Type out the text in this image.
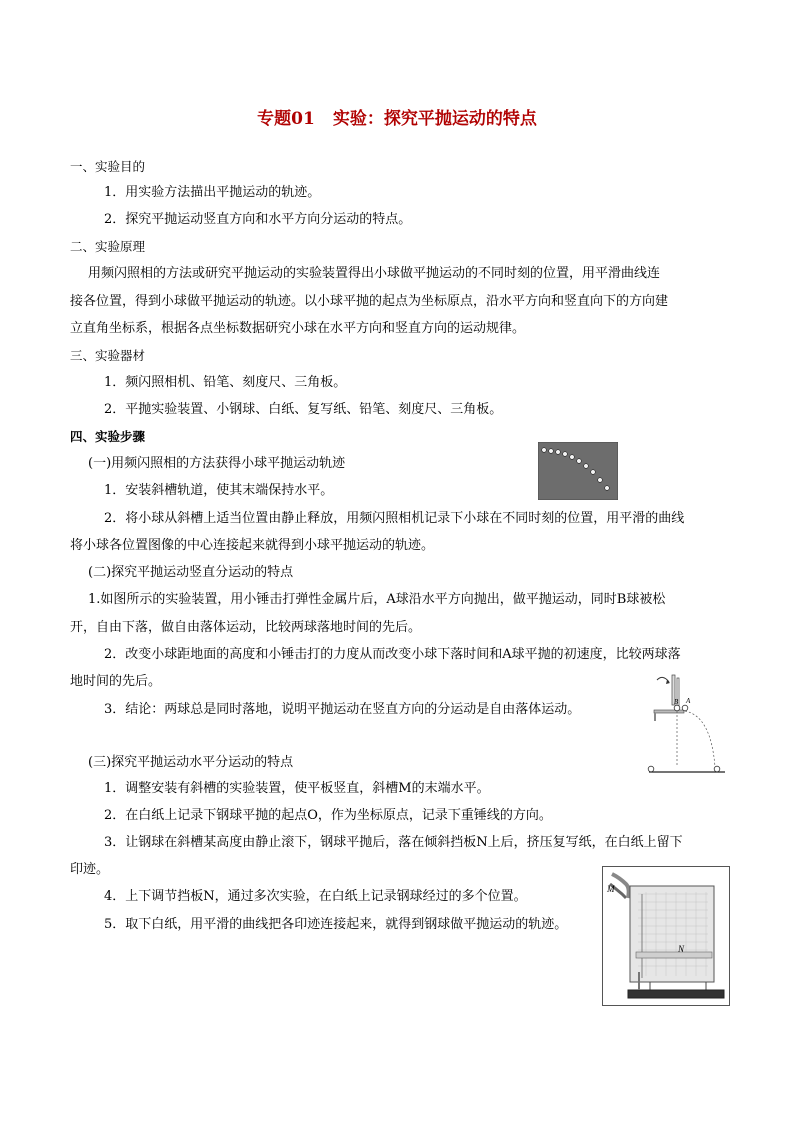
专题01 实验：探究平抛运动的特点
一、实验目的
1．用实验方法描出平抛运动的轨迹。
2．探究平抛运动竖直方向和水平方向分运动的特点。
二、实验原理
用频闪照相的方法或研究平抛运动的实验装置得出小球做平抛运动的不同时刻的位置，用平滑曲线连
接各位置，得到小球做平抛运动的轨迹。以小球平抛的起点为坐标原点，沿水平方向和竖直向下的方向建
立直角坐标系，根据各点坐标数据研究小球在水平方向和竖直方向的运动规律。
三、实验器材
1．频闪照相机、铅笔、刻度尺、三角板。
2．平抛实验装置、小钢球、白纸、复写纸、铅笔、刻度尺、三角板。
四、实验步骤
(一)用频闪照相的方法获得小球平抛运动轨迹
1．安装斜槽轨道，使其末端保持水平。
2．将小球从斜槽上适当位置由静止释放，用频闪照相机记录下小球在不同时刻的位置，用平滑的曲线
将小球各位置图像的中心连接起来就得到小球平抛运动的轨迹。
(二)探究平抛运动竖直分运动的特点
1.如图所示的实验装置，用小锤击打弹性金属片后，A球沿水平方向抛出，做平抛运动，同时B球被松
开，自由下落，做自由落体运动，比较两球落地时间的先后。
2．改变小球距地面的高度和小锤击打的力度从而改变小球下落时间和A球平抛的初速度，比较两球落
地时间的先后。
3．结论：两球总是同时落地，说明平抛运动在竖直方向的分运动是自由落体运动。
(三)探究平抛运动水平分运动的特点
1．调整安装有斜槽的实验装置，使平板竖直，斜槽M的末端水平。
2．在白纸上记录下钢球平抛的起点O，作为坐标原点，记录下重锤线的方向。
3．让钢球在斜槽某高度由静止滚下，钢球平抛后，落在倾斜挡板N上后，挤压复写纸，在白纸上留下
印迹。
4．上下调节挡板N，通过多次实验，在白纸上记录钢球经过的多个位置。
5．取下白纸，用平滑的曲线把各印迹连接起来，就得到钢球做平抛运动的轨迹。
B A
M
N
